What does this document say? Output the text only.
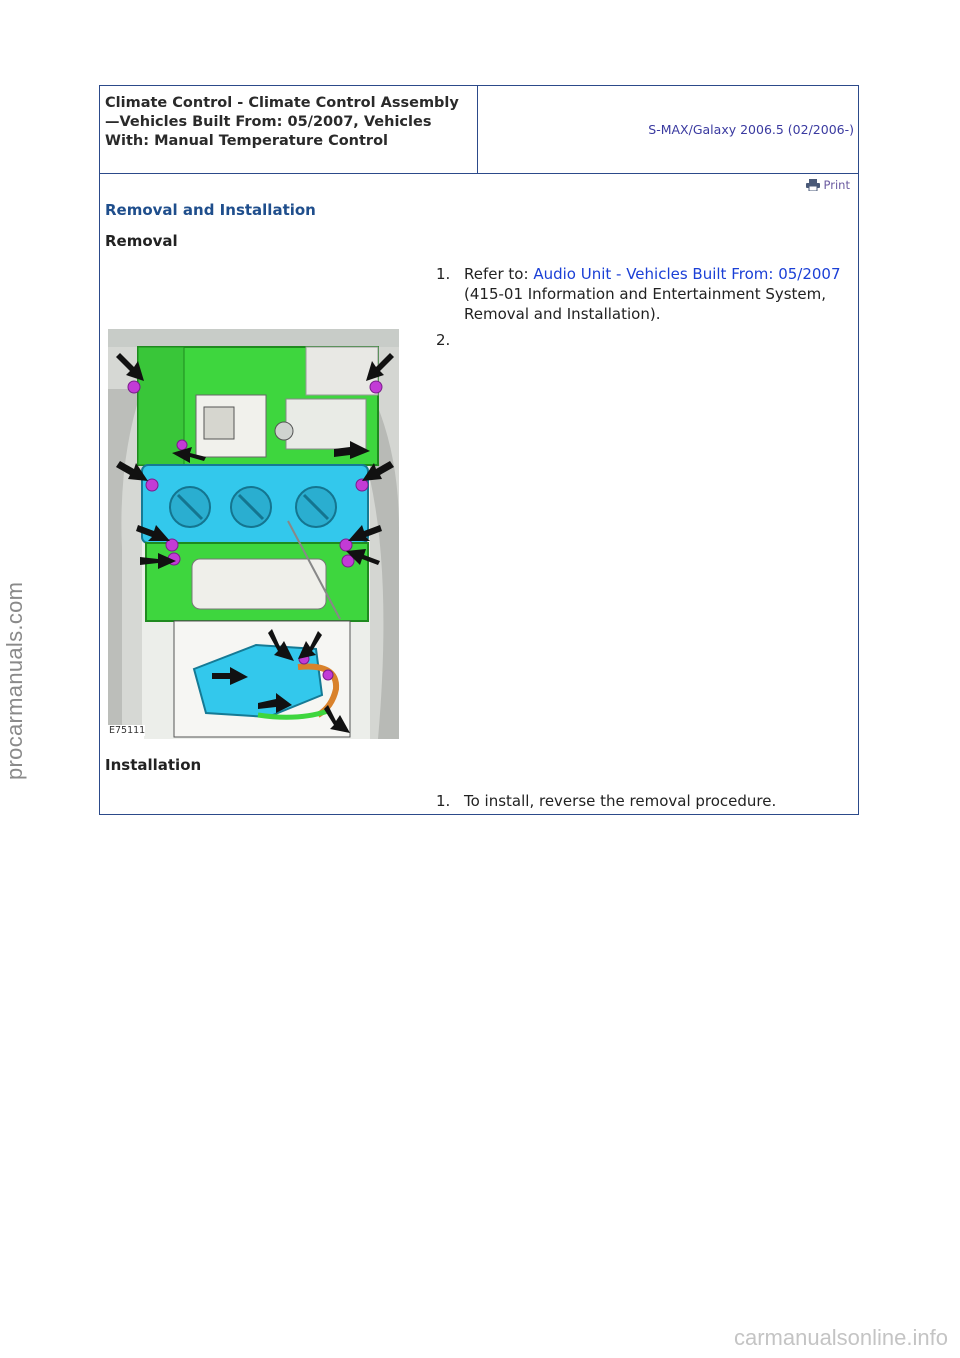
Climate Control - Climate Control Assembly—Vehicles Built From: 05/2007, Vehicles With: Manual Temperature Control
S-MAX/Galaxy 2006.5 (02/2006-)
Print
Removal and Installation
Removal
1. Refer to: Audio Unit - Vehicles Built From: 05/2007 (415-01 Information and Entertainment System, Removal and Installation).
2.
E75111
Installation
1. To install, reverse the removal procedure.
procarmanuals.com
carmanualsonline.info
